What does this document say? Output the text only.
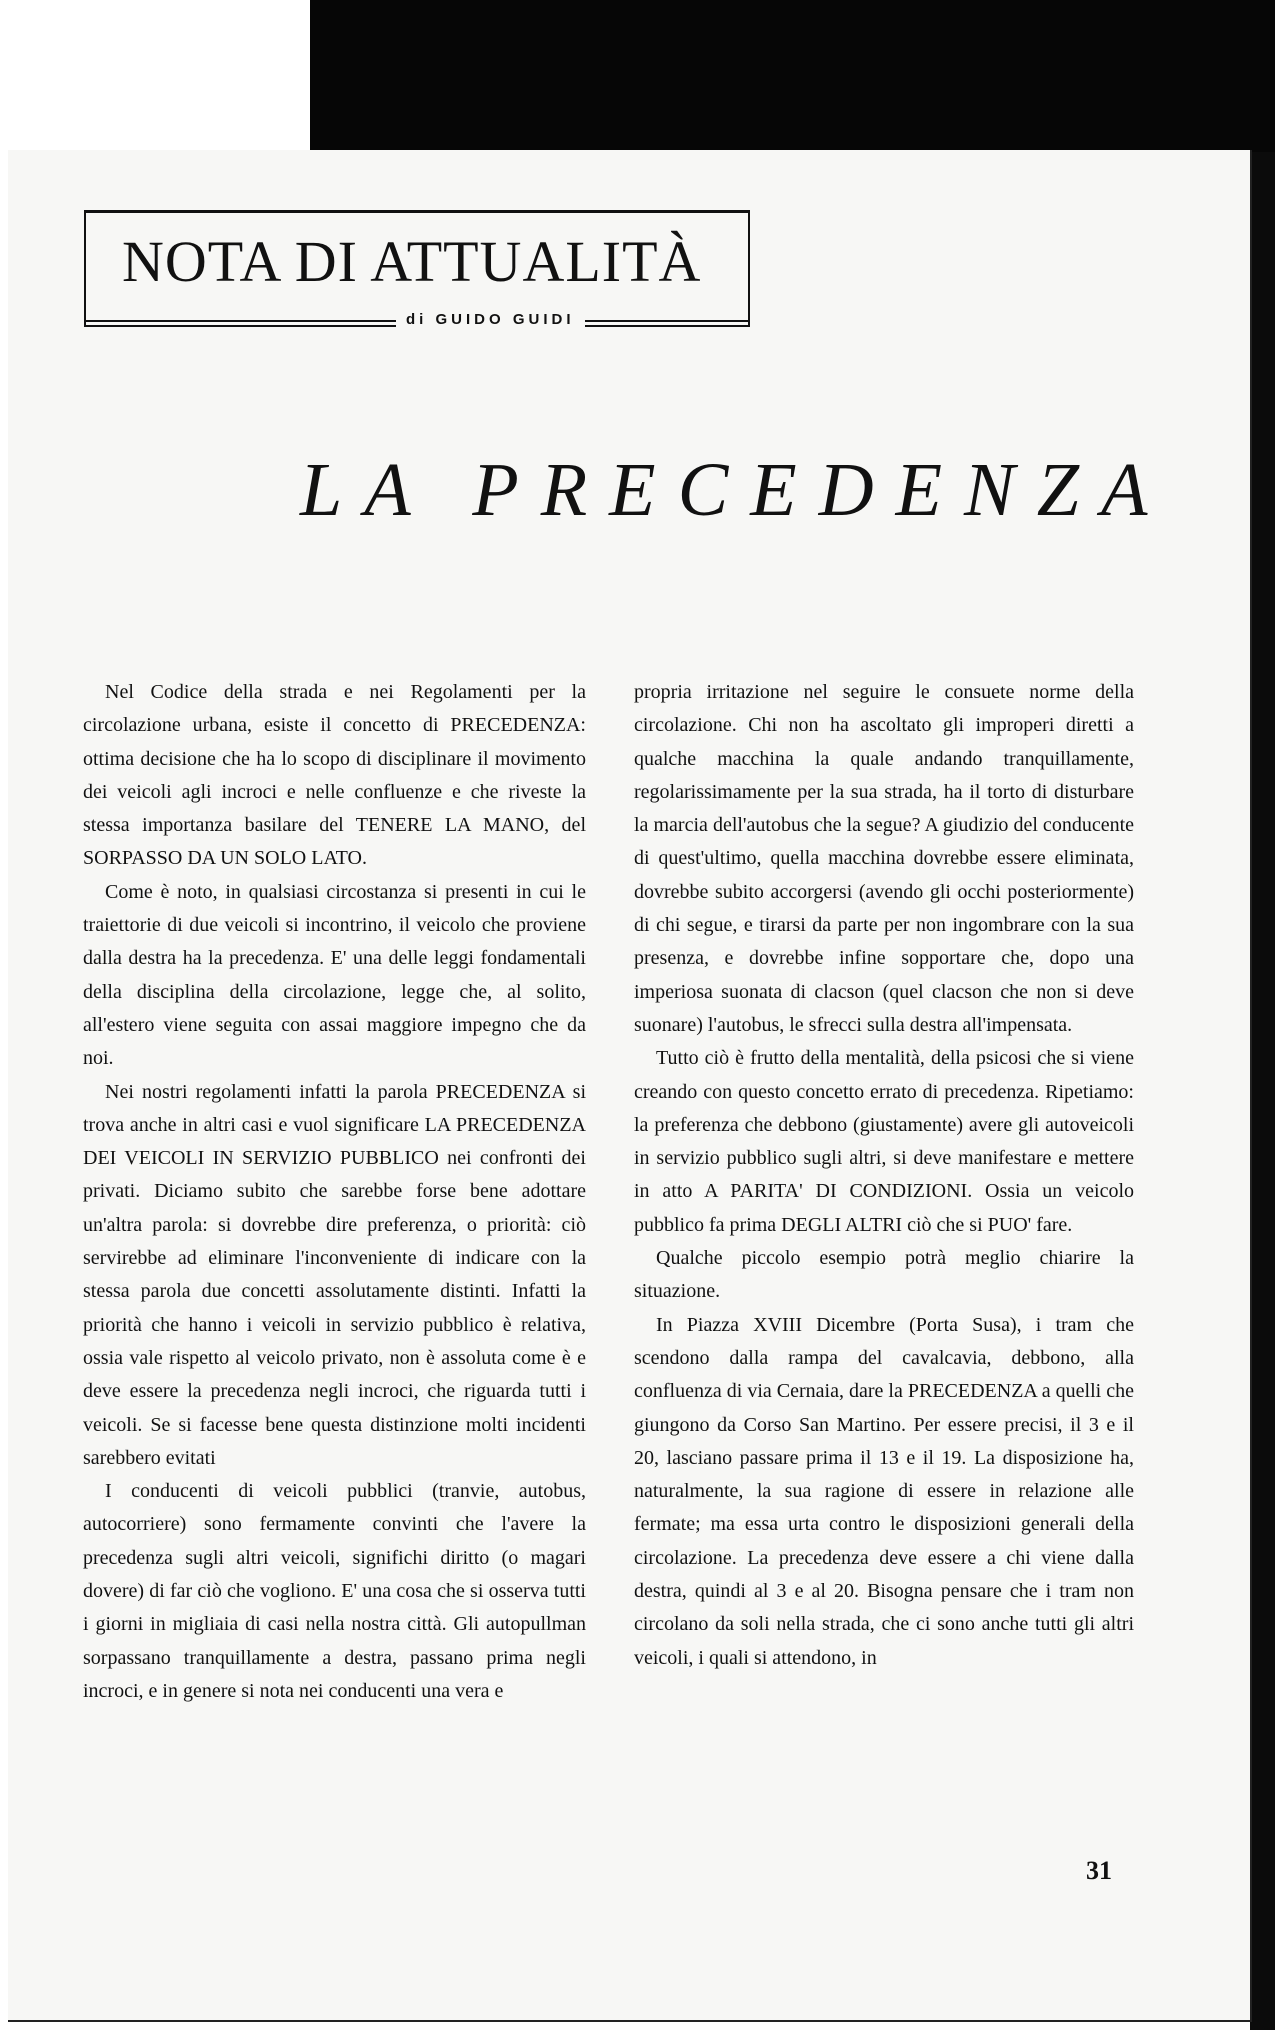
NOTA DI ATTUALITÀ
di GUIDO GUIDI
LA PRECEDENZA

Nel Codice della strada e nei Regolamenti per la circolazione urbana, esiste il concetto di PRECEDENZA: ottima decisione che ha lo scopo di disciplinare il movimento dei veicoli agli incroci e nelle confluenze e che riveste la stessa importanza basilare del TENERE LA MANO, del SORPASSO DA UN SOLO LATO.

Come è noto, in qualsiasi circostanza si presenti in cui le traiettorie di due veicoli si incontrino, il veicolo che proviene dalla destra ha la precedenza. E' una delle leggi fondamentali della disciplina della circolazione, legge che, al solito, all'estero viene seguita con assai maggiore impegno che da noi.

Nei nostri regolamenti infatti la parola PRECEDENZA si trova anche in altri casi e vuol significare LA PRECEDENZA DEI VEICOLI IN SERVIZIO PUBBLICO nei confronti dei privati. Diciamo subito che sarebbe forse bene adottare un'altra parola: si dovrebbe dire preferenza, o priorità: ciò servirebbe ad eliminare l'inconveniente di indicare con la stessa parola due concetti assolutamente distinti. Infatti la priorità che hanno i veicoli in servizio pubblico è relativa, ossia vale rispetto al veicolo privato, non è assoluta come è e deve essere la precedenza negli incroci, che riguarda tutti i veicoli. Se si facesse bene questa distinzione molti incidenti sarebbero evitati

I conducenti di veicoli pubblici (tranvie, autobus, autocorriere) sono fermamente convinti che l'avere la precedenza sugli altri veicoli, significhi diritto (o magari dovere) di far ciò che vogliono. E' una cosa che si osserva tutti i giorni in migliaia di casi nella nostra città. Gli autopullman sorpassano tranquillamente a destra, passano prima negli incroci, e in genere si nota nei conducenti una vera e

propria irritazione nel seguire le consuete norme della circolazione. Chi non ha ascoltato gli improperi diretti a qualche macchina la quale andando tranquillamente, regolarissimamente per la sua strada, ha il torto di disturbare la marcia dell'autobus che la segue? A giudizio del conducente di quest'ultimo, quella macchina dovrebbe essere eliminata, dovrebbe subito accorgersi (avendo gli occhi posteriormente) di chi segue, e tirarsi da parte per non ingombrare con la sua presenza, e dovrebbe infine sopportare che, dopo una imperiosa suonata di clacson (quel clacson che non si deve suonare) l'autobus, le sfrecci sulla destra all'impensata.

Tutto ciò è frutto della mentalità, della psicosi che si viene creando con questo concetto errato di precedenza. Ripetiamo: la preferenza che debbono (giustamente) avere gli autoveicoli in servizio pubblico sugli altri, si deve manifestare e mettere in atto A PARITA' DI CONDIZIONI. Ossia un veicolo pubblico fa prima DEGLI ALTRI ciò che si PUO' fare.

Qualche piccolo esempio potrà meglio chiarire la situazione.

In Piazza XVIII Dicembre (Porta Susa), i tram che scendono dalla rampa del cavalcavia, debbono, alla confluenza di via Cernaia, dare la PRECEDENZA a quelli che giungono da Corso San Martino. Per essere precisi, il 3 e il 20, lasciano passare prima il 13 e il 19. La disposizione ha, naturalmente, la sua ragione di essere in relazione alle fermate; ma essa urta contro le disposizioni generali della circolazione. La precedenza deve essere a chi viene dalla destra, quindi al 3 e al 20. Bisogna pensare che i tram non circolano da soli nella strada, che ci sono anche tutti gli altri veicoli, i quali si attendono, in

31
